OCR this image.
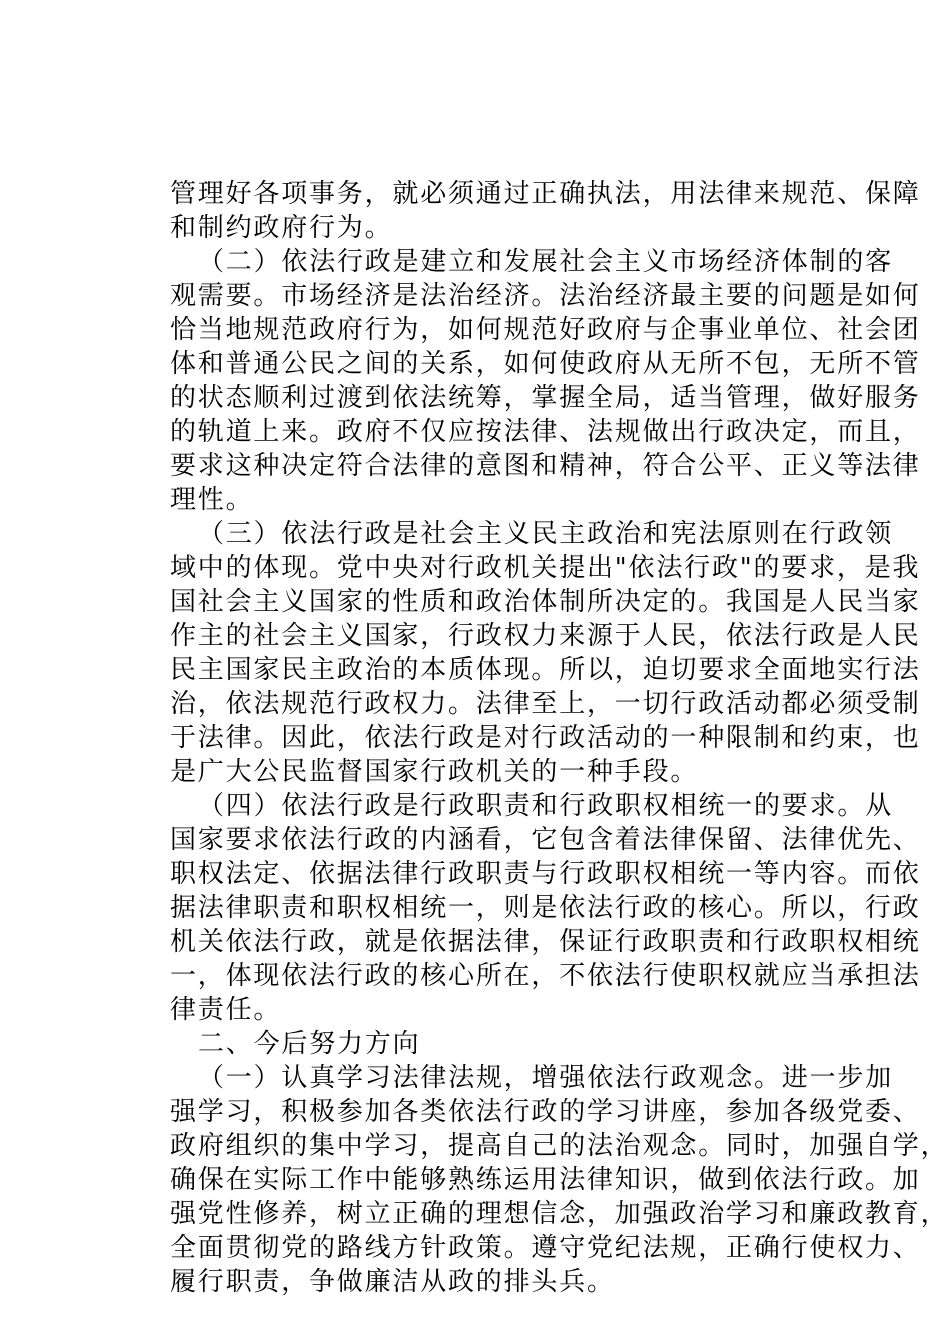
管理好各项事务，就必须通过正确执法，用法律来规范、保障
和制约政府行为。
（二）依法行政是建立和发展社会主义市场经济体制的客
观需要。市场经济是法治经济。法治经济最主要的问题是如何
恰当地规范政府行为，如何规范好政府与企事业单位、社会团
体和普通公民之间的关系，如何使政府从无所不包，无所不管
的状态顺利过渡到依法统筹，掌握全局，适当管理，做好服务
的轨道上来。政府不仅应按法律、法规做出行政决定，而且，
要求这种决定符合法律的意图和精神，符合公平、正义等法律
理性。
（三）依法行政是社会主义民主政治和宪法原则在行政领
域中的体现。党中央对行政机关提出"依法行政"的要求，是我
国社会主义国家的性质和政治体制所决定的。我国是人民当家
作主的社会主义国家，行政权力来源于人民，依法行政是人民
民主国家民主政治的本质体现。所以，迫切要求全面地实行法
治，依法规范行政权力。法律至上，一切行政活动都必须受制
于法律。因此，依法行政是对行政活动的一种限制和约束，也
是广大公民监督国家行政机关的一种手段。
（四）依法行政是行政职责和行政职权相统一的要求。从
国家要求依法行政的内涵看，它包含着法律保留、法律优先、
职权法定、依据法律行政职责与行政职权相统一等内容。而依
据法律职责和职权相统一，则是依法行政的核心。所以，行政
机关依法行政，就是依据法律，保证行政职责和行政职权相统
一，体现依法行政的核心所在，不依法行使职权就应当承担法
律责任。
二、今后努力方向
（一）认真学习法律法规，增强依法行政观念。进一步加
强学习，积极参加各类依法行政的学习讲座，参加各级党委、
政府组织的集中学习，提高自己的法治观念。同时，加强自学，
确保在实际工作中能够熟练运用法律知识，做到依法行政。加
强党性修养，树立正确的理想信念，加强政治学习和廉政教育，
全面贯彻党的路线方针政策。遵守党纪法规，正确行使权力、
履行职责，争做廉洁从政的排头兵。
